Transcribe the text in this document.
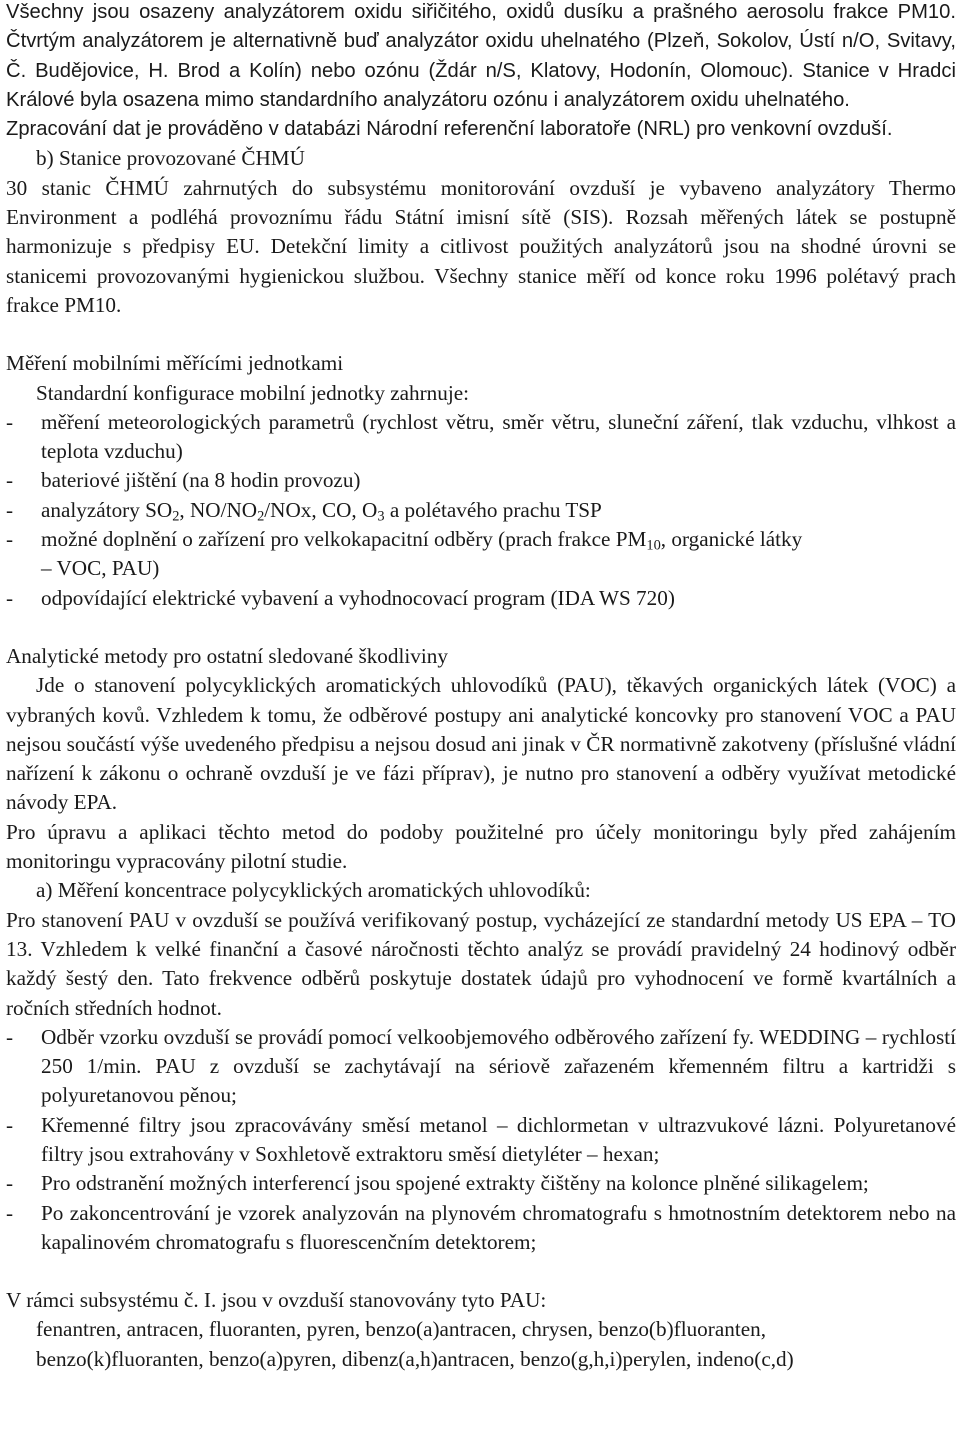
Všechny jsou osazeny analyzátorem oxidu siřičitého, oxidů dusíku a prašného aerosolu frakce PM10. Čtvrtým analyzátorem je alternativně buď analyzátor oxidu uhelnatého (Plzeň, Sokolov, Ústí n/O, Svitavy, Č. Budějovice, H. Brod a Kolín) nebo ozónu (Ždár n/S, Klatovy, Hodonín, Olomouc). Stanice v Hradci Králové byla osazena mimo standardního analyzátoru ozónu i analyzátorem oxidu uhelnatého.

Zpracování dat je prováděno v databázi Národní referenční laboratoře (NRL) pro venkovní ovzduší.

b) Stanice provozované ČHMÚ

30 stanic ČHMÚ zahrnutých do subsystému monitorování ovzduší je vybaveno analyzátory Thermo Environment a podléhá provoznímu řádu Státní imisní sítě (SIS). Rozsah měřených látek se postupně harmonizuje s předpisy EU. Detekční limity a citlivost použitých analyzátorů jsou na shodné úrovni se stanicemi provozovanými hygienickou službou. Všechny stanice měří od konce roku 1996 polétavý prach frakce PM10.

Měření mobilními měřícími jednotkami

Standardní konfigurace mobilní jednotky zahrnuje:

-	měření meteorologických parametrů (rychlost větru, směr větru, sluneční záření, tlak vzduchu, vlhkost a teplota vzduchu)
-	bateriové jištění (na 8 hodin provozu)
-	analyzátory $SO_2$, $NO/NO_2$/NOx, CO, $O_3$ a polétavého prachu TSP
-	možné doplnění o zařízení pro velkokapacitní odběry (prach frakce $PM_{10}$, organické látky
– VOC, PAU)
-	odpovídající elektrické vybavení a vyhodnocovací program (IDA WS 720)

Analytické metody pro ostatní sledované škodliviny

Jde o stanovení polycyklických aromatických uhlovodíků (PAU), těkavých organických látek (VOC) a vybraných kovů. Vzhledem k tomu, že odběrové postupy ani analytické koncovky pro stanovení VOC a PAU nejsou součástí výše uvedeného předpisu a nejsou dosud ani jinak v ČR normativně zakotveny (příslušné vládní nařízení k zákonu o ochraně ovzduší je ve fázi příprav), je nutno pro stanovení a odběry využívat metodické návody EPA.

Pro úpravu a aplikaci těchto metod do podoby použitelné pro účely monitoringu byly před zahájením monitoringu vypracovány pilotní studie.

a) Měření koncentrace polycyklických aromatických uhlovodíků:

Pro stanovení PAU v ovzduší se používá verifikovaný postup, vycházející ze standardní metody US EPA – TO 13. Vzhledem k velké finanční a časové náročnosti těchto analýz se provádí pravidelný 24 hodinový odběr každý šestý den. Tato frekvence odběrů poskytuje dostatek údajů pro vyhodnocení ve formě kvartálních a ročních středních hodnot.

-	Odběr vzorku ovzduší se provádí pomocí velkoobjemového odběrového zařízení fy. WEDDING – rychlostí 250 1/min. PAU z ovzduší se zachytávají na sériově zařazeném křemenném filtru a kartridži s polyuretanovou pěnou;
-	Křemenné filtry jsou zpracovávány směsí metanol – dichlormetan v ultrazvukové lázni. Polyuretanové filtry jsou extrahovány v Soxhletově extraktoru směsí dietyléter – hexan;
-	Pro odstranění možných interferencí jsou spojené extrakty čištěny na kolonce plněné silikagelem;
-	Po zakoncentrování je vzorek analyzován na plynovém chromatografu s hmotnostním detektorem nebo na kapalinovém chromatografu s fluorescenčním detektorem;

V rámci subsystému č. I. jsou v ovzduší stanovovány tyto PAU:

fenantren, antracen, fluoranten, pyren, benzo(a)antracen, chrysen, benzo(b)fluoranten,

benzo(k)fluoranten, benzo(a)pyren, dibenz(a,h)antracen, benzo(g,h,i)perylen, indeno(c,d)
